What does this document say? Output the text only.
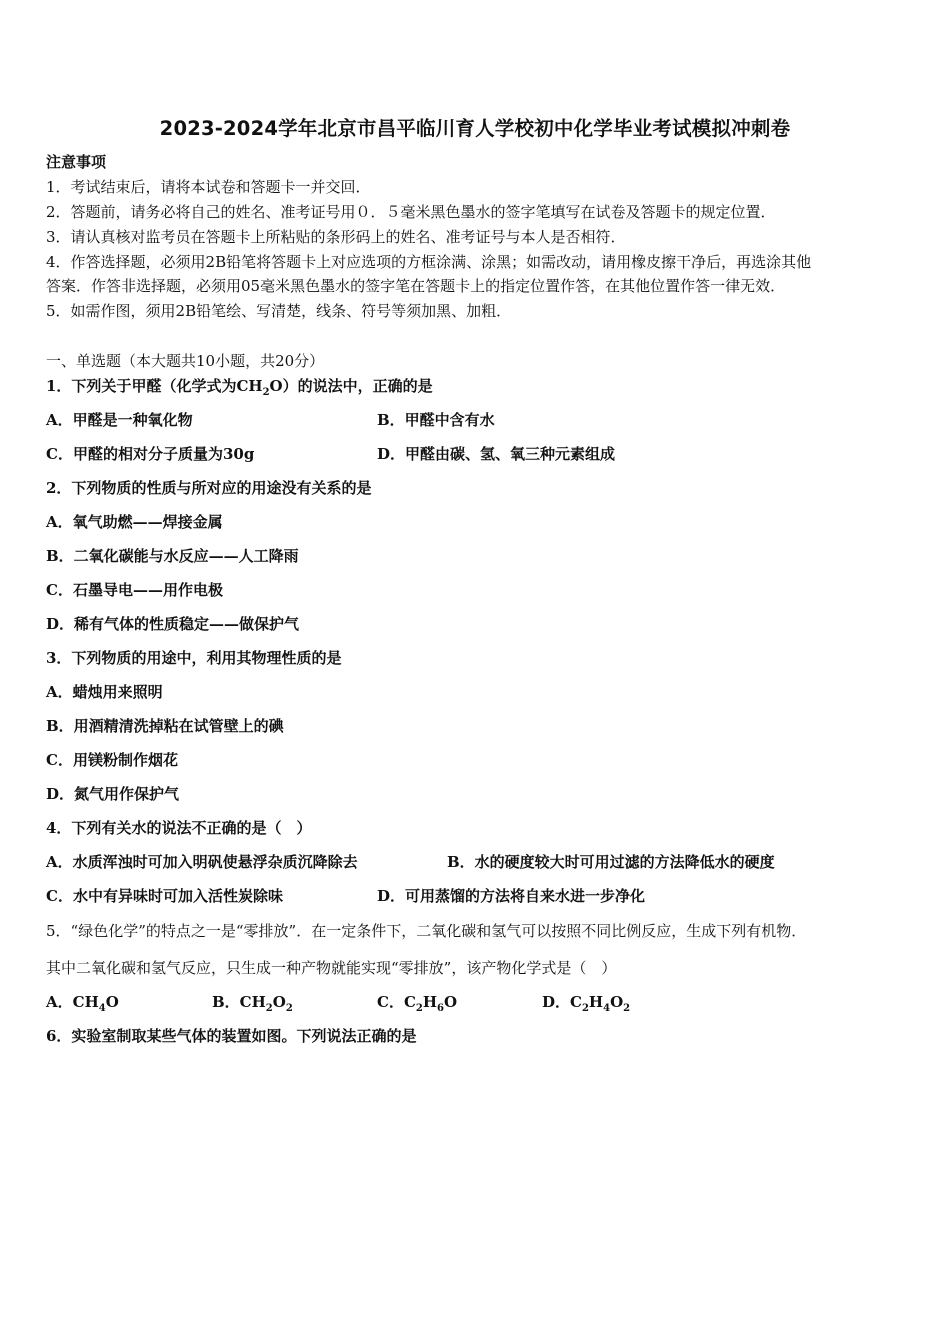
2023-2024学年北京市昌平临川育人学校初中化学毕业考试模拟冲刺卷
注意事项
1．考试结束后，请将本试卷和答题卡一并交回．
2．答题前，请务必将自己的姓名、准考证号用０．５毫米黑色墨水的签字笔填写在试卷及答题卡的规定位置．
3．请认真核对监考员在答题卡上所粘贴的条形码上的姓名、准考证号与本人是否相符．
4．作答选择题，必须用2B铅笔将答题卡上对应选项的方框涂满、涂黑；如需改动，请用橡皮擦干净后，再选涂其他
答案．作答非选择题，必须用05毫米黑色墨水的签字笔在答题卡上的指定位置作答，在其他位置作答一律无效．
5．如需作图，须用2B铅笔绘、写清楚，线条、符号等须加黑、加粗．
一、单选题（本大题共10小题，共20分）
1．下列关于甲醛（化学式为$CH_2O$）的说法中，正确的是
A．甲醛是一种氧化物	B．甲醛中含有水
C．甲醛的相对分子质量为30g	D．甲醛由碳、氢、氧三种元素组成
2．下列物质的性质与所对应的用途没有关系的是
A．氧气助燃——焊接金属
B．二氧化碳能与水反应——人工降雨
C．石墨导电——用作电极
D．稀有气体的性质稳定——做保护气
3．下列物质的用途中，利用其物理性质的是
A．蜡烛用来照明
B．用酒精清洗掉粘在试管壁上的碘
C．用镁粉制作烟花
D．氮气用作保护气
4．下列有关水的说法不正确的是（　）
A．水质浑浊时可加入明矾使悬浮杂质沉降除去	B．水的硬度较大时可用过滤的方法降低水的硬度
C．水中有异味时可加入活性炭除味	D．可用蒸馏的方法将自来水进一步净化
5．“绿色化学”的特点之一是“零排放”．在一定条件下，二氧化碳和氢气可以按照不同比例反应，生成下列有机物．
其中二氧化碳和氢气反应，只生成一种产物就能实现“零排放”，该产物化学式是（　）
A．$CH_4O$	B．$CH_2O_2$	C．$C_2H_6O$	D．$C_2H_4O_2$
6．实验室制取某些气体的装置如图。下列说法正确的是
